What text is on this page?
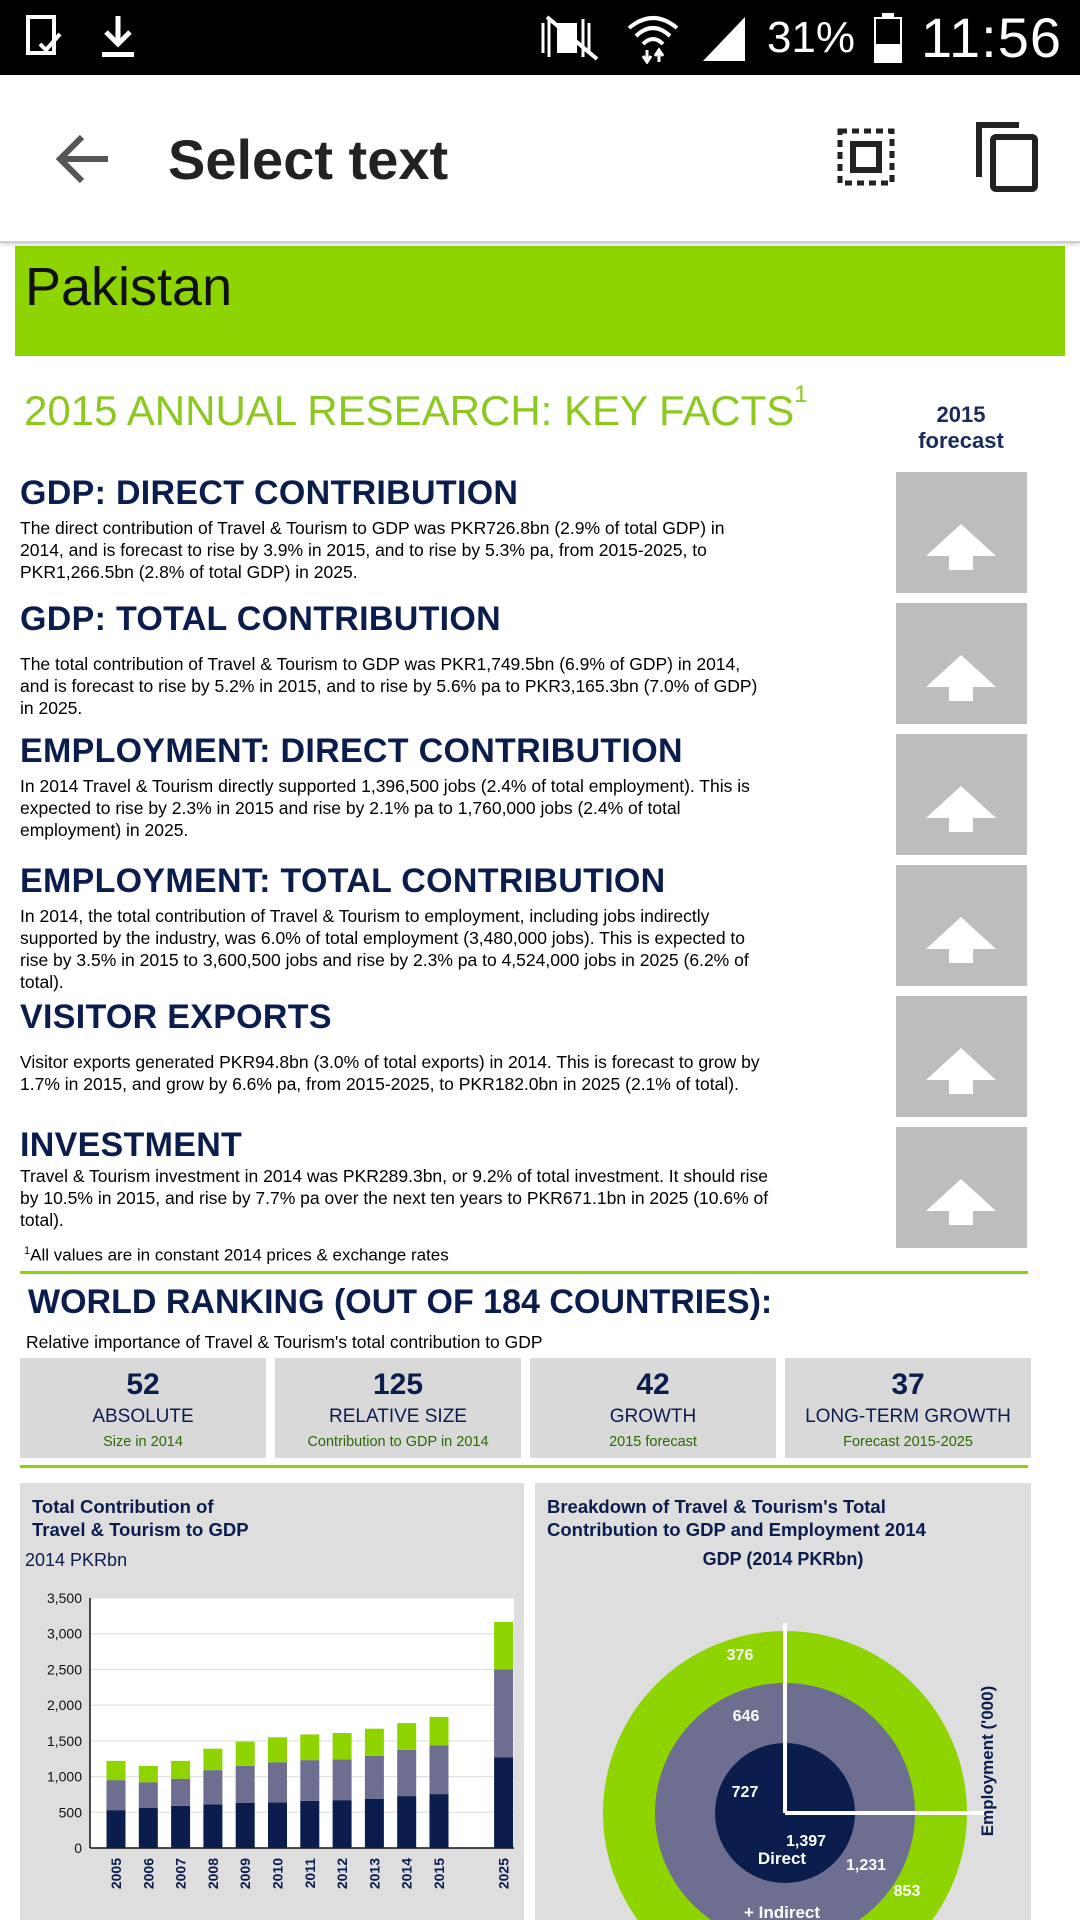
31% 11:56
Select text
Pakistan
2015 ANNUAL RESEARCH: KEY FACTS$^1$
2015
forecast
GDP: DIRECT CONTRIBUTION
The direct contribution of Travel & Tourism to GDP was PKR726.8bn (2.9% of total GDP) in
2014, and is forecast to rise by 3.9% in 2015, and to rise by 5.3% pa, from 2015-2025, to
PKR1,266.5bn (2.8% of total GDP) in 2025.
GDP: TOTAL CONTRIBUTION
The total contribution of Travel & Tourism to GDP was PKR1,749.5bn (6.9% of GDP) in 2014,
and is forecast to rise by 5.2% in 2015, and to rise by 5.6% pa to PKR3,165.3bn (7.0% of GDP)
in 2025.
EMPLOYMENT: DIRECT CONTRIBUTION
In 2014 Travel & Tourism directly supported 1,396,500 jobs (2.4% of total employment). This is
expected to rise by 2.3% in 2015 and rise by 2.1% pa to 1,760,000 jobs (2.4% of total
employment) in 2025.
EMPLOYMENT: TOTAL CONTRIBUTION
In 2014, the total contribution of Travel & Tourism to employment, including jobs indirectly
supported by the industry, was 6.0% of total employment (3,480,000 jobs). This is expected to
rise by 3.5% in 2015 to 3,600,500 jobs and rise by 2.3% pa to 4,524,000 jobs in 2025 (6.2% of
total).
VISITOR EXPORTS
Visitor exports generated PKR94.8bn (3.0% of total exports) in 2014. This is forecast to grow by
1.7% in 2015, and grow by 6.6% pa, from 2015-2025, to PKR182.0bn in 2025 (2.1% of total).
INVESTMENT
Travel & Tourism investment in 2014 was PKR289.3bn, or 9.2% of total investment. It should rise
by 10.5% in 2015, and rise by 7.7% pa over the next ten years to PKR671.1bn in 2025 (10.6% of
total).
$^1$All values are in constant 2014 prices & exchange rates
WORLD RANKING (OUT OF 184 COUNTRIES):
Relative importance of Travel & Tourism's total contribution to GDP
52
ABSOLUTE
Size in 2014
125
RELATIVE SIZE
Contribution to GDP in 2014
42
GROWTH
2015 forecast
37
LONG-TERM GROWTH
Forecast 2015-2025
Total Contribution of
Travel & Tourism to GDP
2014 PKRbn
0
500
1,000
1,500
2,000
2,500
3,000
3,500
2005 2006 2007 2008 2009 2010 2011 2012 2013 2014 2015	2025
Breakdown of Travel & Tourism's Total
Contribution to GDP and Employment 2014
GDP (2014 PKRbn)
376
646
727
1,397
1,231
853
Direct
+ Indirect
Employment ('000)
